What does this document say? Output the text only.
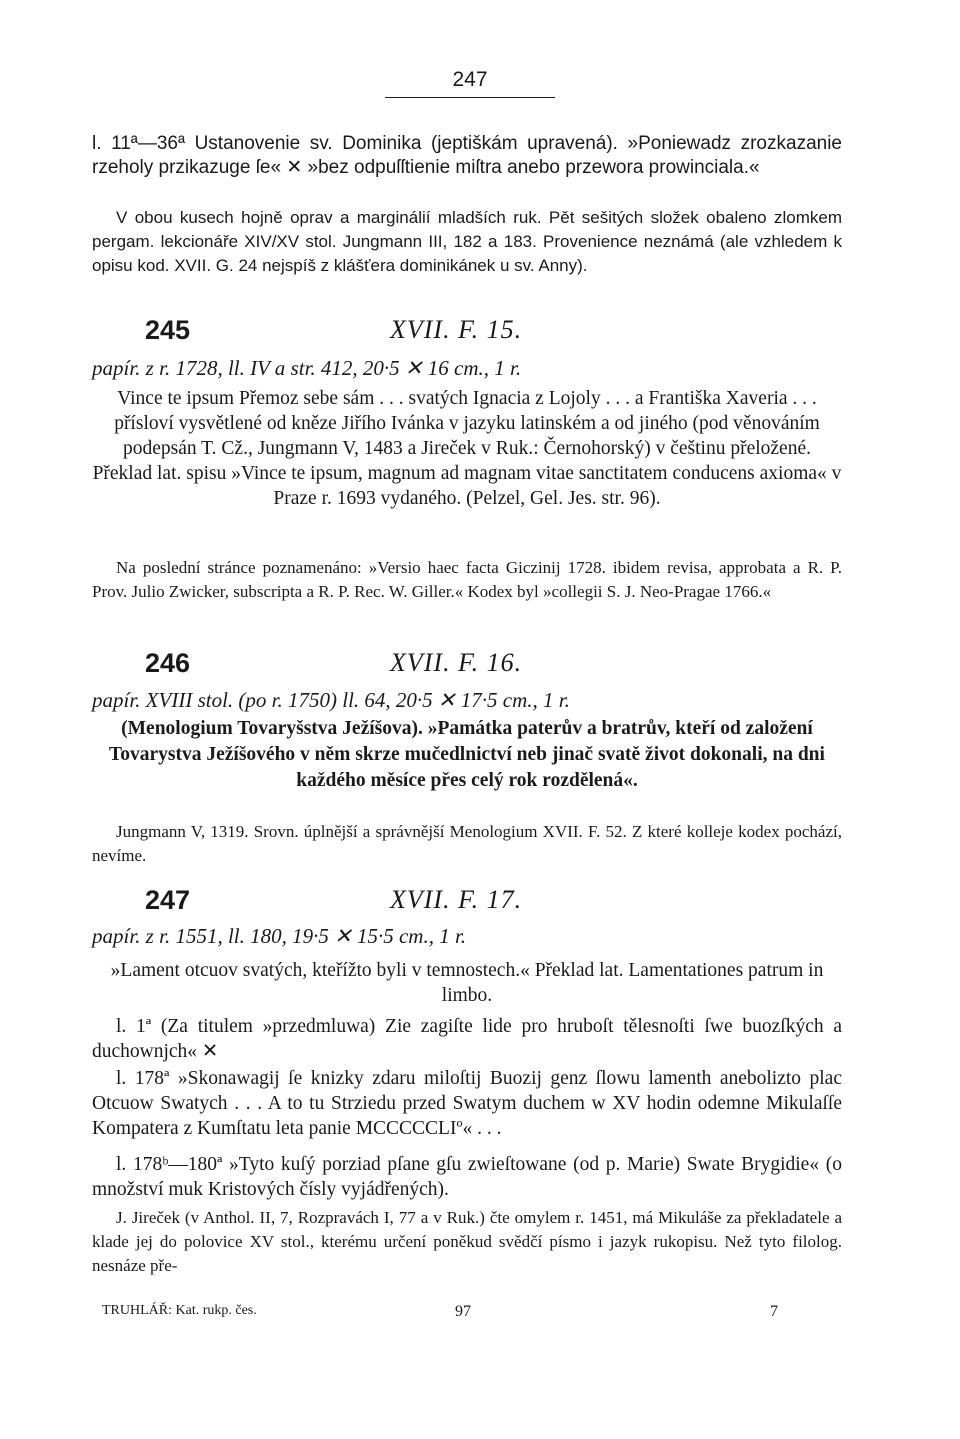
247
l. 11ª—36ª Ustanovenie sv. Dominika (jeptiškám upravená). »Poniewadz zrozkazanie rzeholy przikazuge ſe« ✕ »bez odpuſſtienie miſtra anebo przewora prowinciala.«
V obou kusech hojně oprav a marginálií mladších ruk. Pět sešitých složek obaleno zlomkem pergam. lekcionáře XIV/XV stol. Jungmann III, 182 a 183. Provenience neznámá (ale vzhledem k opisu kod. XVII. G. 24 nejspíš z klášťera dominikánek u sv. Anny).
245	XVII. F. 15.
papír. z r. 1728, ll. IV a str. 412, 20·5 ✕ 16 cm., 1 r.
Vince te ipsum Přemoz sebe sám . . . svatých Ignacia z Lojoly . . . a Františka Xaveria . . . přísloví vysvětlené od kněze Jiřího Ivánka v jazyku latinském a od jiného (pod věnováním podepsán T. Cž., Jungmann V, 1483 a Jireček v Ruk.: Černohorský) v češtinu přeložené. Překlad lat. spisu »Vince te ipsum, magnum ad magnam vitae sanctitatem conducens axioma« v Praze r. 1693 vydaného. (Pelzel, Gel. Jes. str. 96).
Na poslední stránce poznamenáno: »Versio haec facta Giczinij 1728. ibidem revisa, approbata a R. P. Prov. Julio Zwicker, subscripta a R. P. Rec. W. Giller.« Kodex byl »collegii S. J. Neo-Pragae 1766.«
246	XVII. F. 16.
papír. XVIII stol. (po r. 1750) ll. 64, 20·5 ✕ 17·5 cm., 1 r.
(Menologium Tovaryšstva Ježíšova). »Památka paterův a bratrův, kteří od založení Tovarystva Ježíšového v něm skrze mučedlnictví neb jinač svatě život dokonali, na dni každého měsíce přes celý rok rozdělená«.
Jungmann V, 1319. Srovn. úplnější a správnější Menologium XVII. F. 52. Z které kolleje kodex pochází, nevíme.
247	XVII. F. 17.
papír. z r. 1551, ll. 180, 19·5 ✕ 15·5 cm., 1 r.
»Lament otcuov svatých, kteřížto byli v temnostech.« Překlad lat. Lamentationes patrum in limbo.
l. 1ª (Za titulem »przedmluwa) Zie zagiſte lide pro hruboſt tělesnoſti ſwe buozſkých a duchownjch« ✕
l. 178ª »Skonawagij ſe knizky zdaru miloſtij Buozij genz ſlowu lamenth anebolizto plac Otcuow Swatych . . . A to tu Strziedu przed Swatym duchem w XV hodin odemne Mikulaſſe Kompatera z Kumſtatu leta panie MCCCCCLIº« . . .
l. 178ᵇ—180ª »Tyto kuſý porziad pſane gſu zwieſtowane (od p. Marie) Swate Brygidie« (o množství muk Kristových čísly vyjádřených).
J. Jireček (v Anthol. II, 7, Rozpravách I, 77 a v Ruk.) čte omylem r. 1451, má Mikuláše za překladatele a klade jej do polovice XV stol., kterému určení poněkud svědčí písmo i jazyk rukopisu. Než tyto filolog. nesnáze pře-
TRUHLÁŘ: Kat. rukp. čes.	97	7
